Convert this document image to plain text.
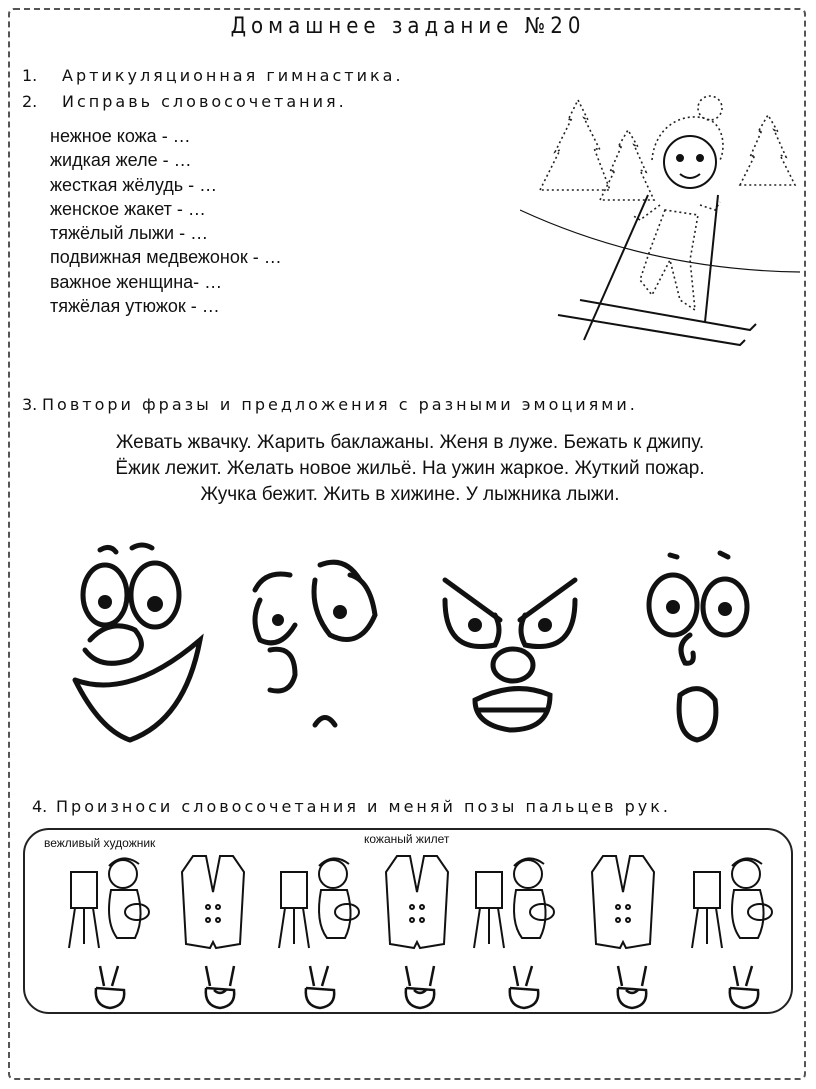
Домашнее задание №20
1. Артикуляционная гимнастика.
2. Исправь словосочетания.
нежное кожа - …
жидкая желе - …
жесткая жёлудь - …
женское жакет - …
тяжёлый лыжи - …
подвижная медвежонок - …
важное женщина- …
тяжёлая утюжок - …
3. Повтори фразы и предложения с разными эмоциями.
Жевать жвачку. Жарить баклажаны. Женя в луже. Бежать к джипу.
Ёжик лежит. Желать новое жильё. На ужин жаркое. Жуткий пожар.
Жучка бежит. Жить в хижине. У лыжника лыжи.
4. Произноси словосочетания и меняй позы пальцев рук.
вежливый художник	кожаный жилет
